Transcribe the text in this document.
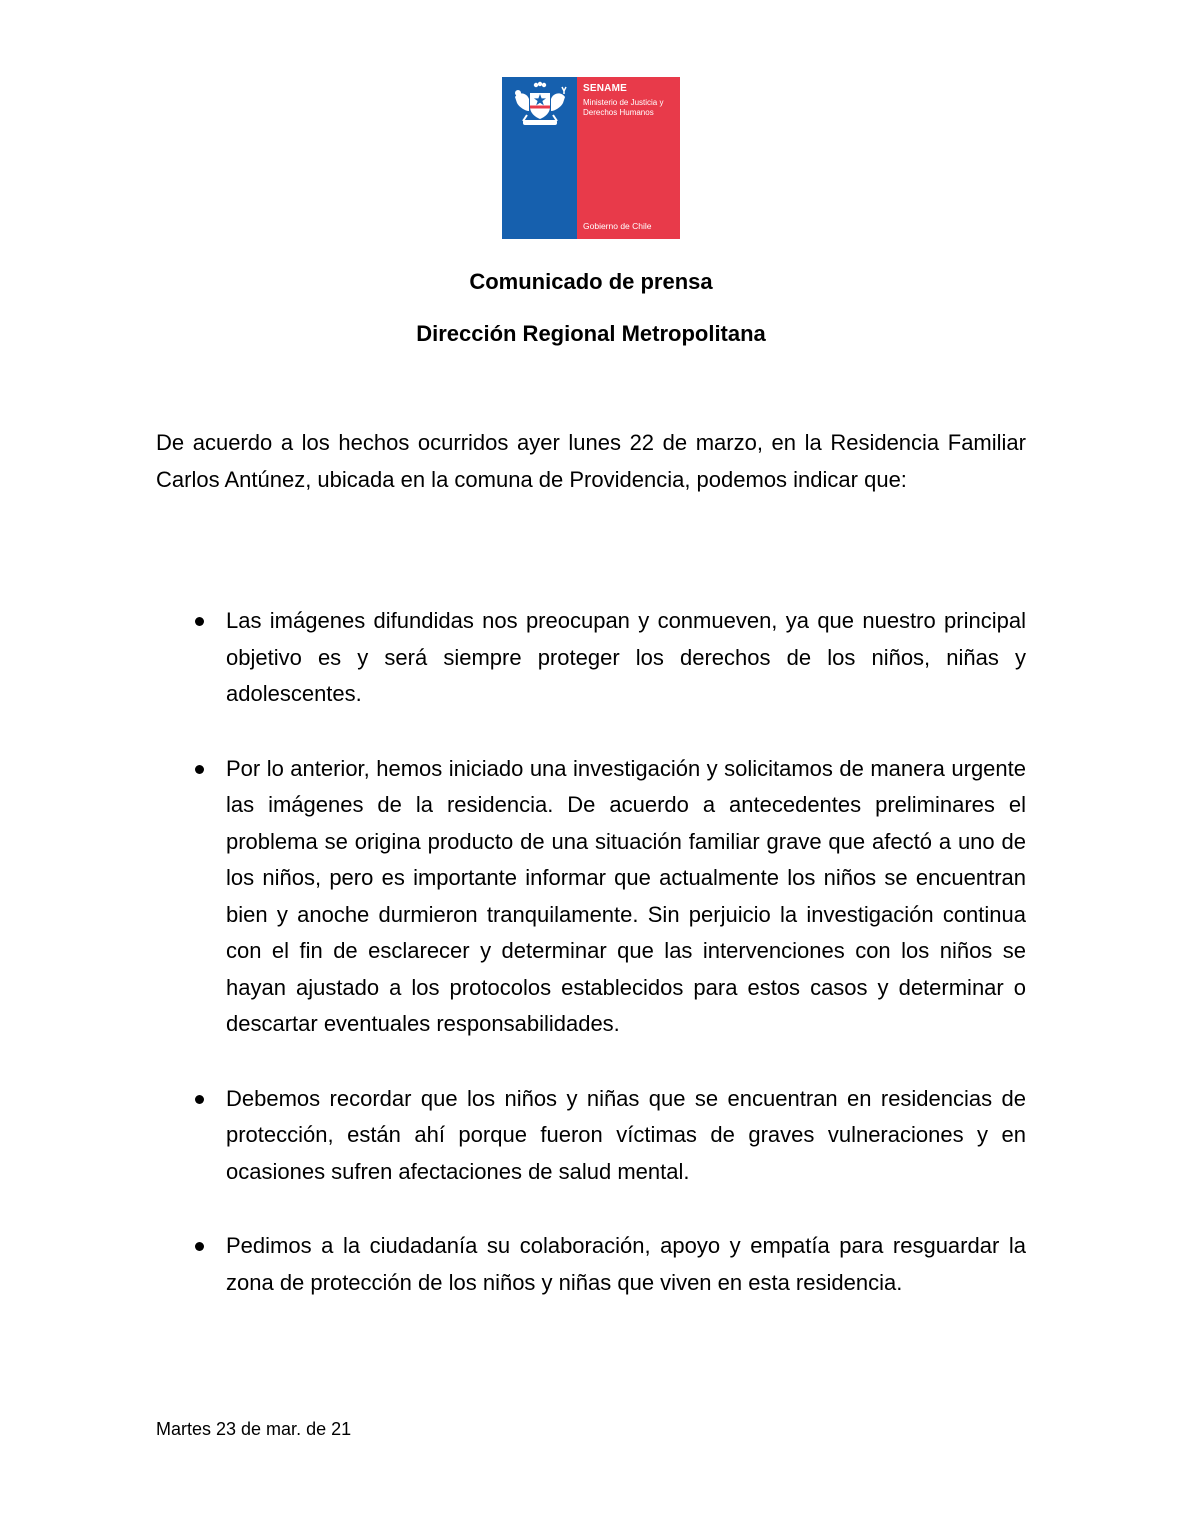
SENAME
Ministerio de Justicia y Derechos Humanos
Gobierno de Chile
Comunicado de prensa
Dirección Regional Metropolitana
De acuerdo a los hechos ocurridos ayer lunes 22 de marzo, en la Residencia Familiar Carlos Antúnez, ubicada en la comuna de Providencia, podemos indicar que:
Las imágenes difundidas nos preocupan y conmueven, ya que nuestro principal objetivo es y será siempre proteger los derechos de los niños, niñas y adolescentes.
Por lo anterior, hemos iniciado una investigación y solicitamos de manera urgente las imágenes de la residencia. De acuerdo a antecedentes preliminares el problema se origina producto de una situación familiar grave que afectó a uno de los niños, pero es importante informar que actualmente los niños se encuentran bien y anoche durmieron tranquilamente. Sin perjuicio la investigación continua con el fin de esclarecer y determinar que las intervenciones con los niños se hayan ajustado a los protocolos establecidos para estos casos y determinar o descartar eventuales responsabilidades.
Debemos recordar que los niños y niñas que se encuentran en residencias de protección, están ahí porque fueron víctimas de graves vulneraciones y en ocasiones sufren afectaciones de salud mental.
Pedimos a la ciudadanía su colaboración, apoyo y empatía para resguardar la zona de protección de los niños y niñas que viven en esta residencia.
Martes 23 de mar. de 21
